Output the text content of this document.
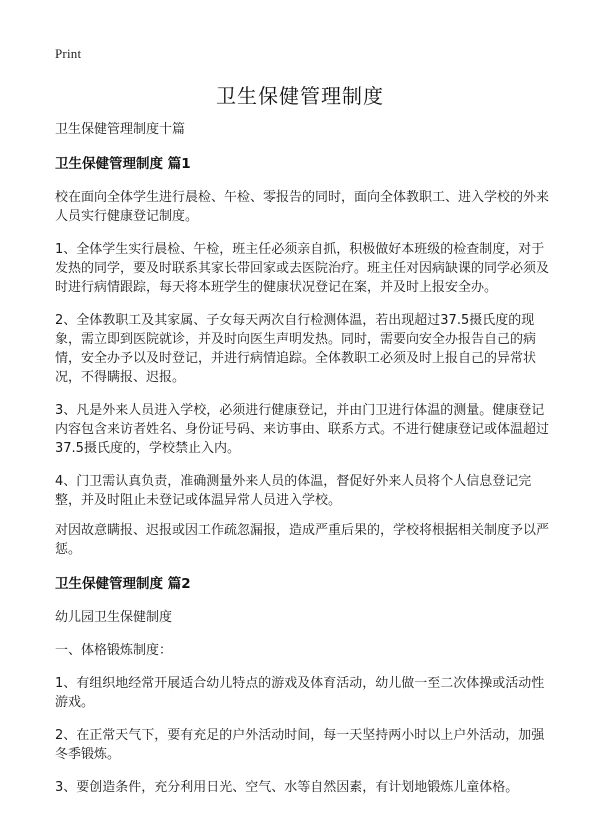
Print
卫生保健管理制度

卫生保健管理制度十篇

卫生保健管理制度 篇1

校在面向全体学生进行晨检、午检、零报告的同时，面向全体教职工、进入学校的外来人员实行健康登记制度。

1、全体学生实行晨检、午检，班主任必须亲自抓，积极做好本班级的检查制度，对于发热的同学，要及时联系其家长带回家或去医院治疗。班主任对因病缺课的同学必须及时进行病情跟踪，每天将本班学生的健康状况登记在案，并及时上报安全办。

2、全体教职工及其家属、子女每天两次自行检测体温，若出现超过37.5摄氏度的现象，需立即到医院就诊，并及时向医生声明发热。同时，需要向安全办报告自己的病情，安全办予以及时登记，并进行病情追踪。全体教职工必须及时上报自己的异常状况，不得瞒报、迟报。

3、凡是外来人员进入学校，必须进行健康登记，并由门卫进行体温的测量。健康登记内容包含来访者姓名、身份证号码、来访事由、联系方式。不进行健康登记或体温超过37.5摄氏度的，学校禁止入内。

4、门卫需认真负责，准确测量外来人员的体温，督促好外来人员将个人信息登记完整，并及时阻止未登记或体温异常人员进入学校。

对因故意瞒报、迟报或因工作疏忽漏报，造成严重后果的，学校将根据相关制度予以严惩。

卫生保健管理制度 篇2

幼儿园卫生保健制度

一、体格锻炼制度：

1、有组织地经常开展适合幼儿特点的游戏及体育活动，幼儿做一至二次体操或活动性游戏。

2、在正常天气下，要有充足的户外活动时间，每一天坚持两小时以上户外活动，加强冬季锻炼。

3、要创造条件，充分利用日光、空气、水等自然因素，有计划地锻炼儿童体格。
